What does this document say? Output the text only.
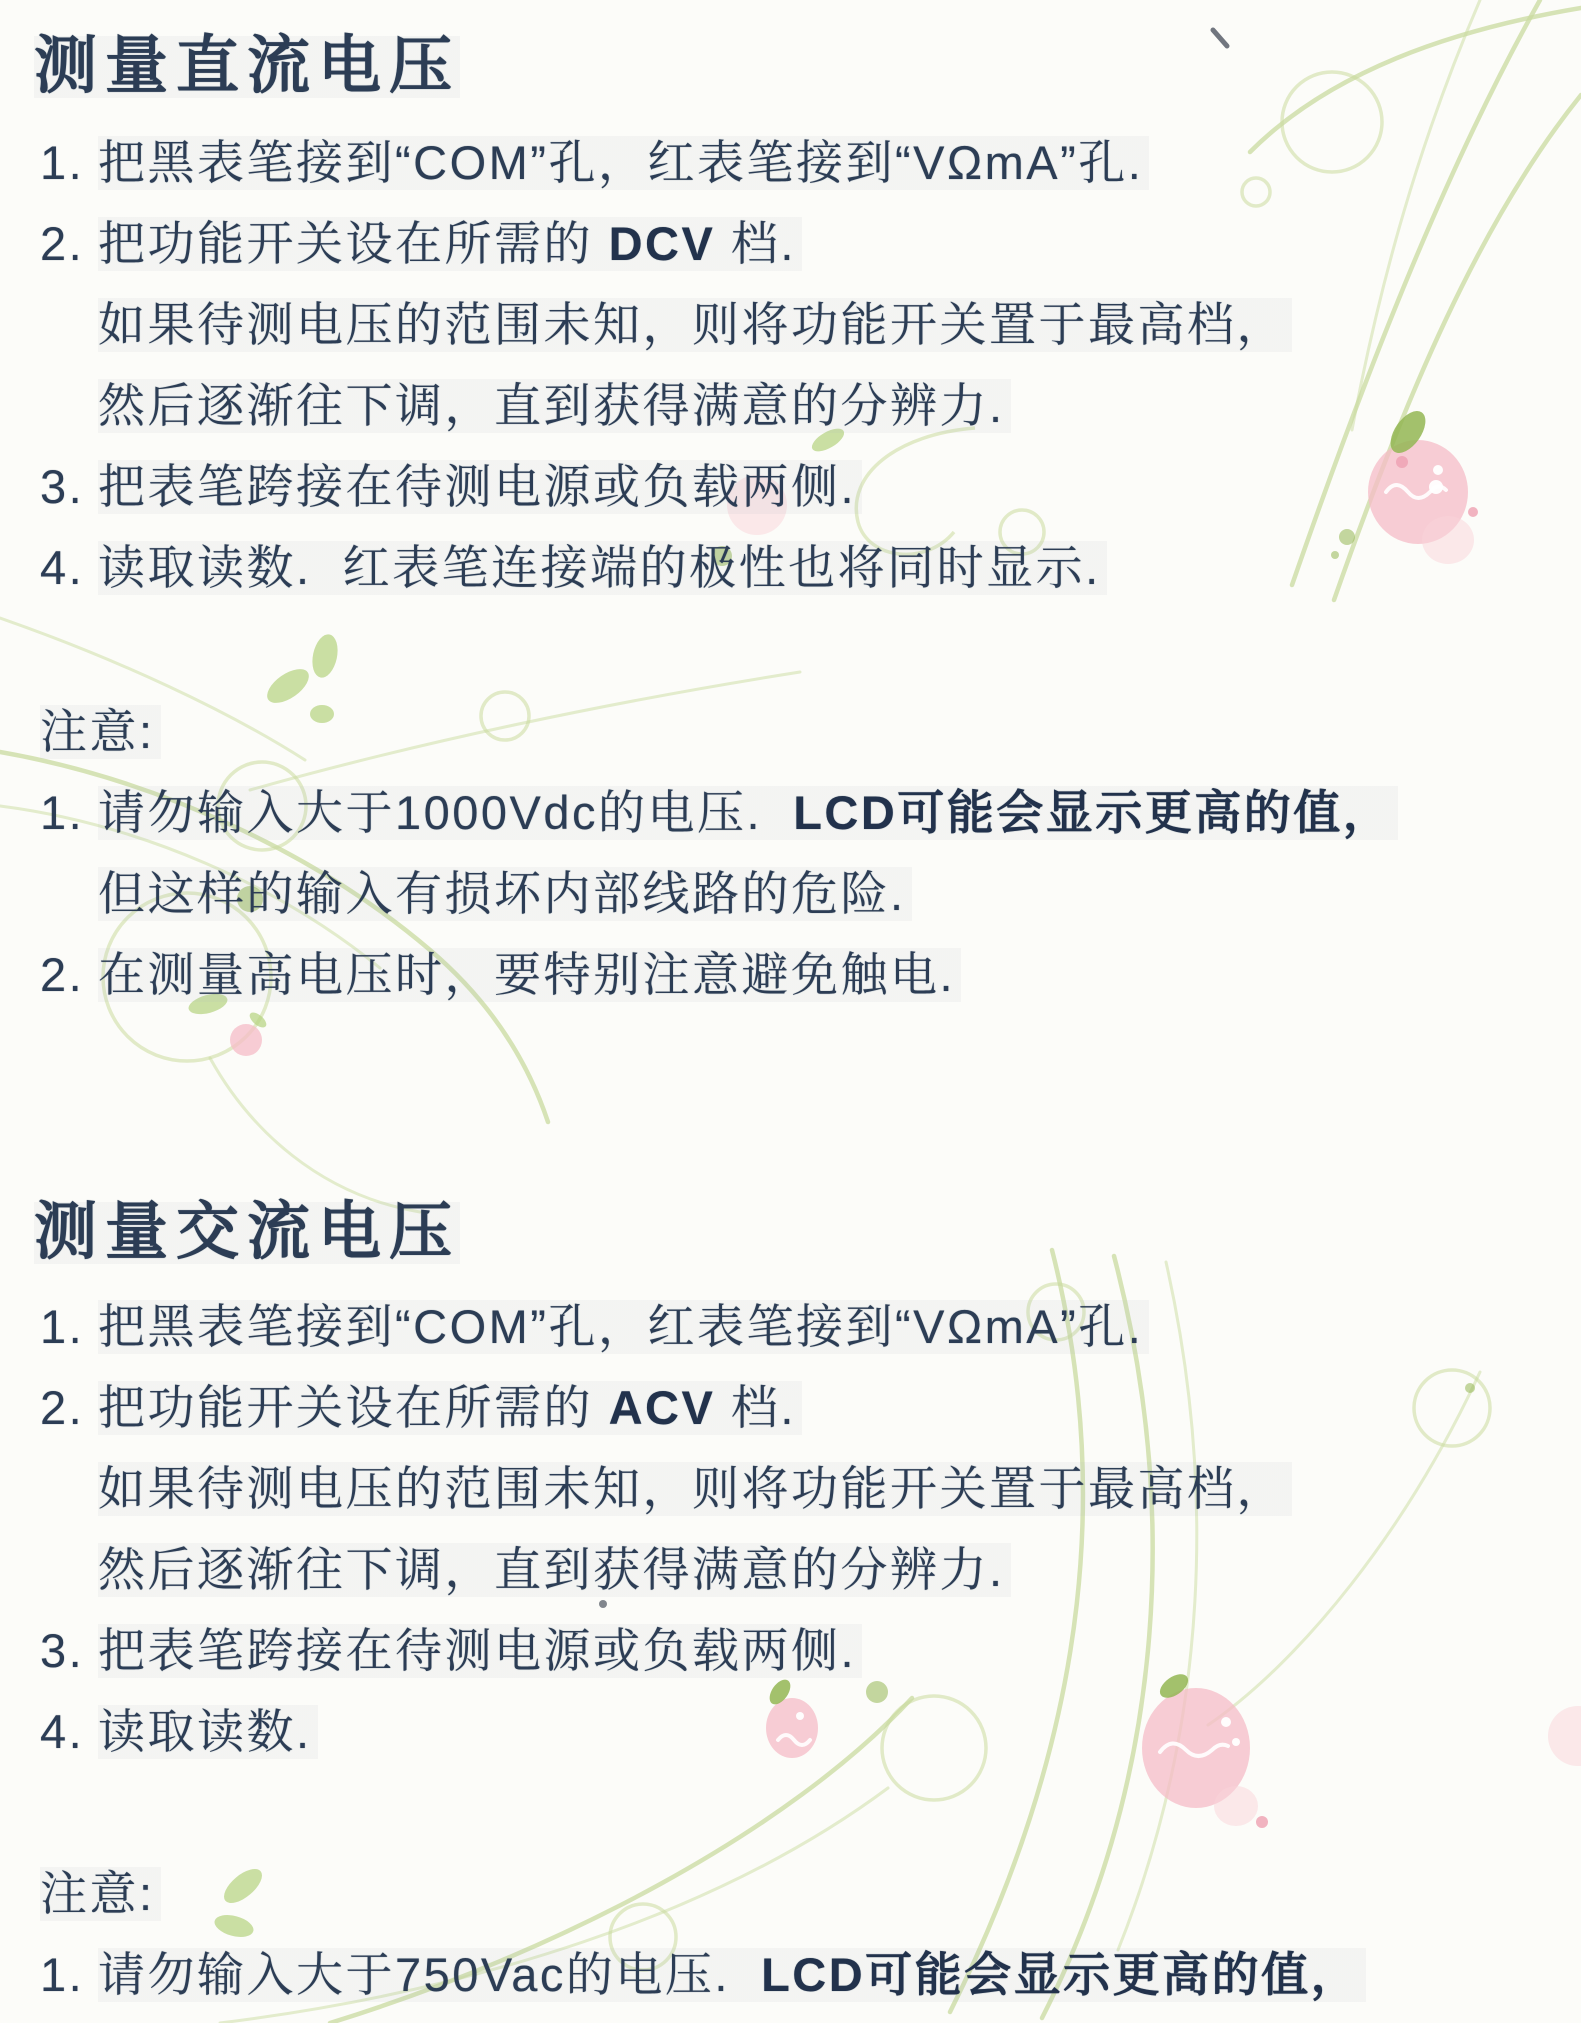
测量直流电压
1. 把黑表笔接到“COM”孔，红表笔接到“VΩmA”孔.
2. 把功能开关设在所需的 DCV 档.
如果待测电压的范围未知，则将功能开关置于最高档，
然后逐渐往下调，直到获得满意的分辨力.
3. 把表笔跨接在待测电源或负载两侧.
4. 读取读数.  红表笔连接端的极性也将同时显示.
注意:
1. 请勿输入大于1000Vdc的电压.  LCD可能会显示更高的值，
但这样的输入有损坏内部线路的危险.
2. 在测量高电压时，要特别注意避免触电.
测量交流电压
1. 把黑表笔接到“COM”孔，红表笔接到“VΩmA”孔.
2. 把功能开关设在所需的 ACV 档.
如果待测电压的范围未知，则将功能开关置于最高档，
然后逐渐往下调，直到获得满意的分辨力.
3. 把表笔跨接在待测电源或负载两侧.
4. 读取读数.
注意:
1. 请勿输入大于750Vac的电压.  LCD可能会显示更高的值，
